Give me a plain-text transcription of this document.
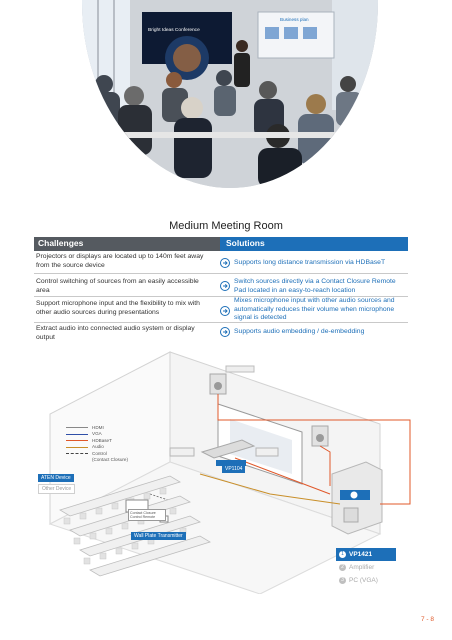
Bright Ideas Conference
Business plan
Medium Meeting Room
Challenges	Solutions
Projectors or displays are located up to 140m feet away from the source device	Supports long distance transmission via HDBaseT
Control switching of sources from an easily accessible area
Switch sources directly via a Contact Closure Remote Pad located in an easy-to-reach location
Support microphone input and the flexibility to mix with other audio sources during presentations
Mixes microphone input with other audio sources and automatically reduces their volume when microphone signal is detected
Extract audio into connected audio system or display output
Supports audio embedding / de-embedding
HDMI
VGA
HDBaseT
Audio
Control
(Contact Closure)
ATEN Device
Other Device
VP1104
Wall Plate Transmitter
Contact Closure Control Remote
1 VP1421
2 Amplifier
3 PC (VGA)
7 - 8
